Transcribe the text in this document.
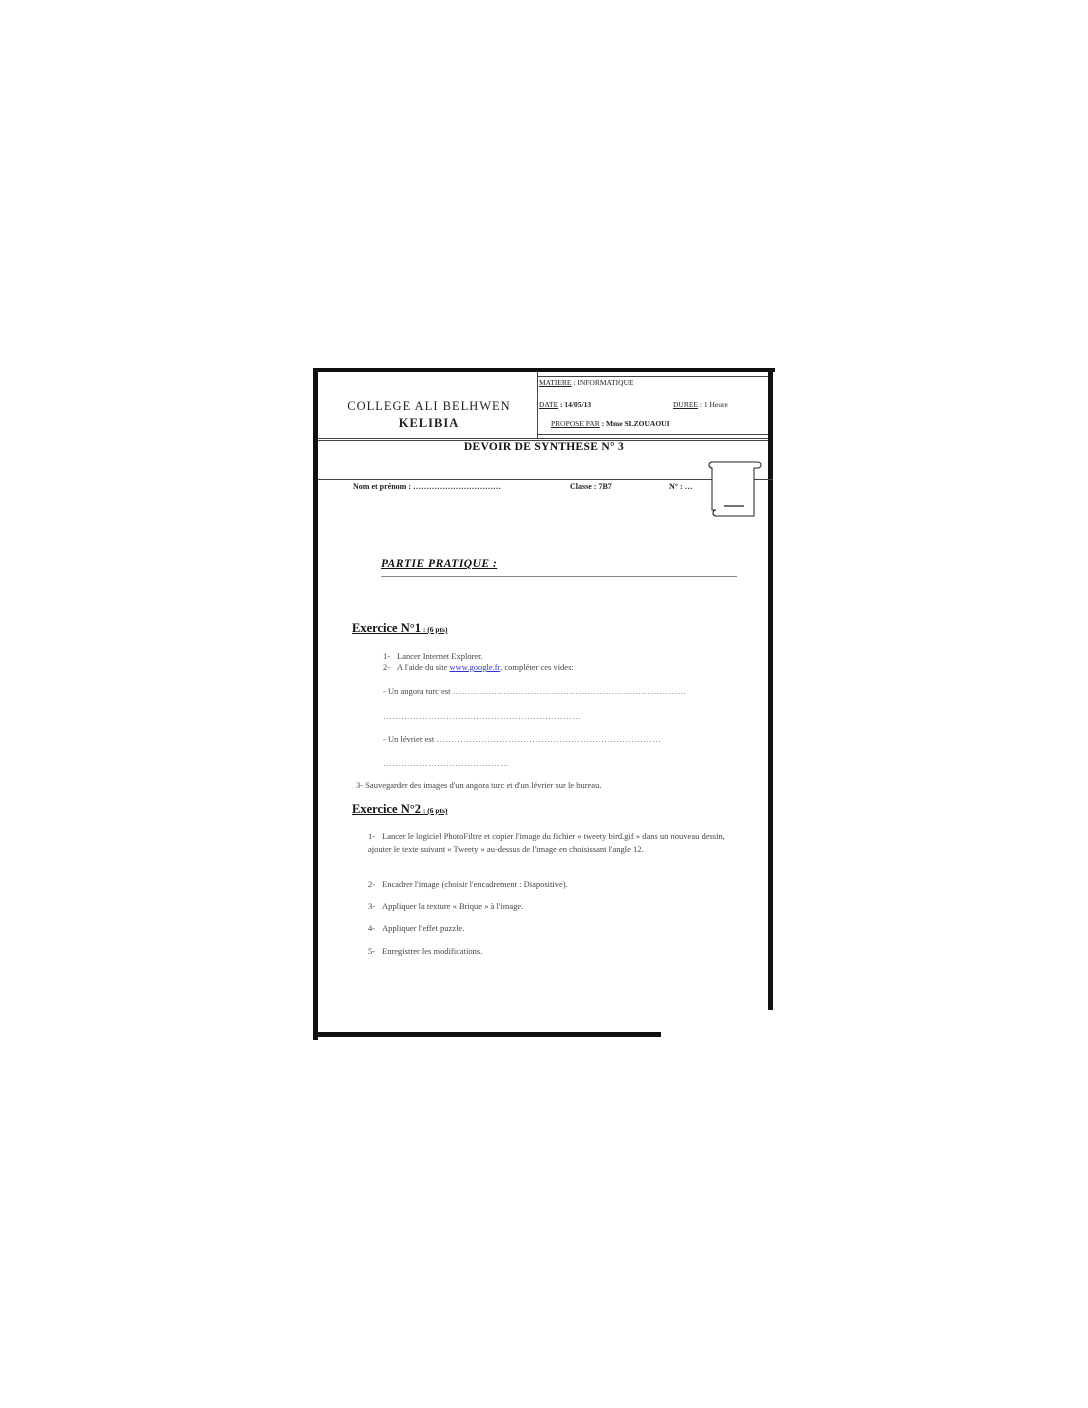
COLLEGE ALI BELHWEN
KELIBIA
MATIERE : INFORMATIQUE
DATE : 14/05/13	DUREE : 1 Heure
PROPOSE PAR : Mme SLZOUAOUI
DEVOIR DE SYNTHESE N° 3
Nom et prénom : ……………………………	Classe : 7B7	N° : …
PARTIE PRATIQUE :
Exercice N°1 : (6 pts)
1- Lancer Internet Explorer.
2- A l'aide du site www.google.fr, compléter ces vides:
- Un angora turc est ……………………………………………………………………
…………………………………………………………
- Un lévrier est …………………………………………………………………
……………………………………
3- Sauvegarder des images d'un angora turc et d'un lévrier sur le bureau.
Exercice N°2 : (6 pts)
1- Lancer le logiciel PhotoFiltre et copier l'image du fichier « tweety bird.gif » dans un nouveau dessin, ajouter le texte suivant « Tweety » au-dessus de l'image en choisissant l'angle 12.
2- Encadrer l'image (choisir l'encadrement : Diapositive).
3- Appliquer la texture « Brique » à l'image.
4- Appliquer l'effet puzzle.
5- Enregistrer les modifications.
